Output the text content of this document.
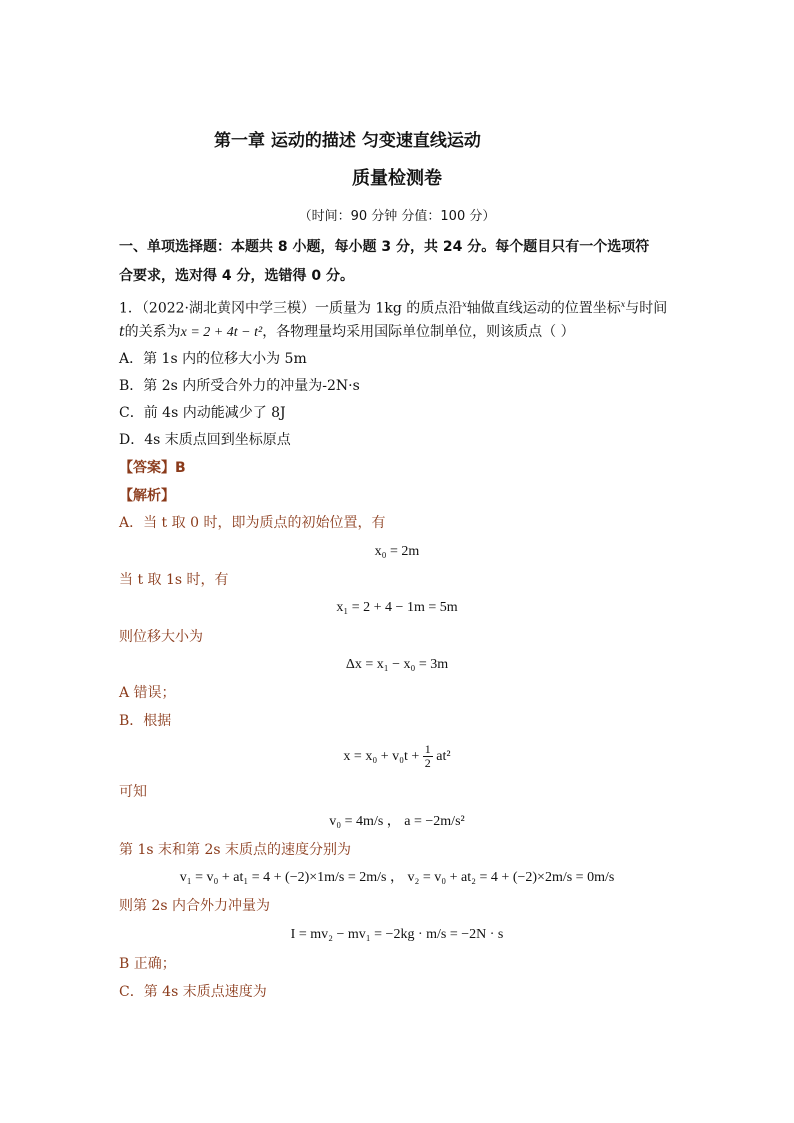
第一章 运动的描述 匀变速直线运动
质量检测卷
（时间：90 分钟 分值：100 分）
一、单项选择题：本题共 8 小题，每小题 3 分，共 24 分。每个题目只有一个选项符
合要求，选对得 4 分，选错得 0 分。
1．（2022·湖北黄冈中学三模）一质量为 1kg 的质点沿$^x$轴做直线运动的位置坐标$^x$与时间
t的关系为x = 2 + 4t − t²，各物理量均采用国际单位制单位，则该质点（ ）
A．第 1s 内的位移大小为 5m
B．第 2s 内所受合外力的冲量为-2N·s
C．前 4s 内动能减少了 8J
D．4s 末质点回到坐标原点
【答案】B
【解析】
A．当 t 取 0 时，即为质点的初始位置，有
x₀ = 2m
当 t 取 1s 时，有
x₁ = 2 + 4 − 1m = 5m
则位移大小为
Δx = x₁ − x₀ = 3m
A 错误；
B．根据
$x = x_0 + v_0t + \frac{1}{2} at^2$
可知
v₀ = 4m/s ， a = −2m/s²
第 1s 末和第 2s 末质点的速度分别为
v₁ = v₀ + at₁ = 4 + (−2)×1m/s = 2m/s ， v₂ = v₀ + at₂ = 4 + (−2)×2m/s = 0m/s
则第 2s 内合外力冲量为
I = mv₂ − mv₁ = −2kg · m/s = −2N · s
B 正确；
C．第 4s 末质点速度为
